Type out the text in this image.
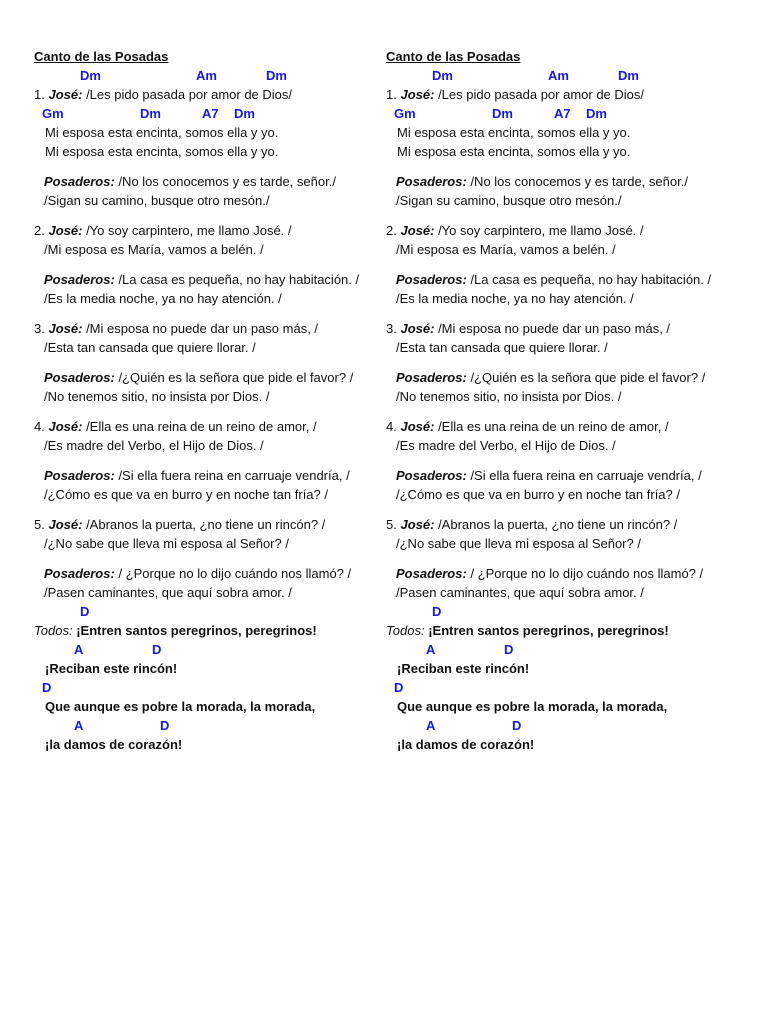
Canto de las Posadas
Dm	Am	Dm
1. José: /Les pido pasada por amor de Dios/
Gm	Dm	A7 Dm
Mi esposa esta encinta, somos ella y yo.
Mi esposa esta encinta, somos ella y yo.
Posaderos: /No los conocemos y es tarde, señor./
/Sigan su camino, busque otro mesón./
2. José: /Yo soy carpintero, me llamo José. /
/Mi esposa es María, vamos a belén. /
Posaderos: /La casa es pequeña, no hay habitación. /
/Es la media noche, ya no hay atención. /
3. José: /Mi esposa no puede dar un paso más, /
/Esta tan cansada que quiere llorar. /
Posaderos: /¿Quién es la señora que pide el favor? /
/No tenemos sitio, no insista por Dios. /
4. José: /Ella es una reina de un reino de amor, /
/Es madre del Verbo, el Hijo de Dios. /
Posaderos: /Si ella fuera reina en carruaje vendría, /
/¿Cómo es que va en burro y en noche tan fría? /
5. José: /Abranos la puerta, ¿no tiene un rincón? /
/¿No sabe que lleva mi esposa al Señor? /
Posaderos: / ¿Porque no lo dijo cuándo nos llamó? /
/Pasen caminantes, que aquí sobra amor. /
D
Todos: ¡Entren santos peregrinos, peregrinos!
A	D
¡Reciban este rincón!
D
Que aunque es pobre la morada, la morada,
A	D
¡la damos de corazón!
Canto de las Posadas
Dm	Am	Dm
1. José: /Les pido pasada por amor de Dios/
Gm	Dm	A7 Dm
Mi esposa esta encinta, somos ella y yo.
Mi esposa esta encinta, somos ella y yo.
Posaderos: /No los conocemos y es tarde, señor./
/Sigan su camino, busque otro mesón./
2. José: /Yo soy carpintero, me llamo José. /
/Mi esposa es María, vamos a belén. /
Posaderos: /La casa es pequeña, no hay habitación. /
/Es la media noche, ya no hay atención. /
3. José: /Mi esposa no puede dar un paso más, /
/Esta tan cansada que quiere llorar. /
Posaderos: /¿Quién es la señora que pide el favor? /
/No tenemos sitio, no insista por Dios. /
4. José: /Ella es una reina de un reino de amor, /
/Es madre del Verbo, el Hijo de Dios. /
Posaderos: /Si ella fuera reina en carruaje vendría, /
/¿Cómo es que va en burro y en noche tan fría? /
5. José: /Abranos la puerta, ¿no tiene un rincón? /
/¿No sabe que lleva mi esposa al Señor? /
Posaderos: / ¿Porque no lo dijo cuándo nos llamó? /
/Pasen caminantes, que aquí sobra amor. /
D
Todos: ¡Entren santos peregrinos, peregrinos!
A	D
¡Reciban este rincón!
D
Que aunque es pobre la morada, la morada,
A	D
¡la damos de corazón!
